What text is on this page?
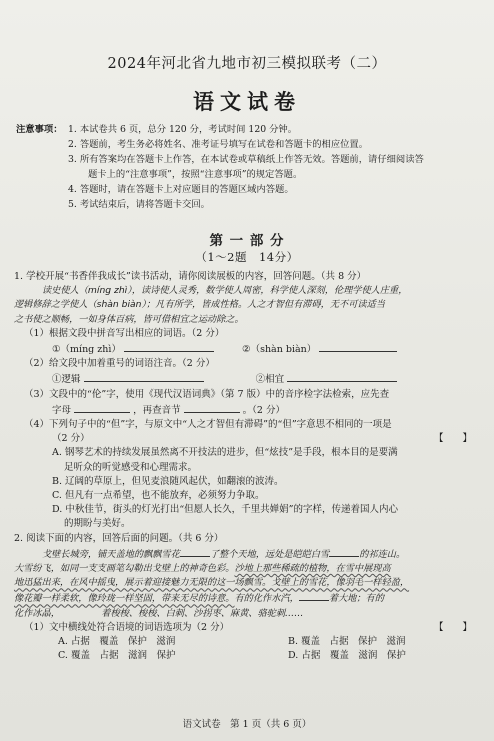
2024年河北省九地市初三模拟联考（二）
语文试卷
注意事项： 1. 本试卷共 6 页，总分 120 分，考试时间 120 分钟。
2. 答题前，考生务必将姓名、准考证号填写在试卷和答题卡的相应位置。
3. 所有答案均在答题卡上作答，在本试卷或草稿纸上作答无效。答题前，请仔细阅读答
题卡上的“注意事项”，按照“注意事项”的规定答题。
4. 答题时，请在答题卡上对应题目的答题区域内答题。
5. 考试结束后，请将答题卡交回。
第 一 部 分
（1～2题　14分）
1. 学校开展“书香伴我成长”读书活动，请你阅读展板的内容，回答问题。（共 8 分）
读史使人（míng zhì），读诗使人灵秀，数学使人周密，科学使人深刻，伦理学使人庄重，
逻辑修辞之学使人（shàn biàn）；凡有所学，皆成性格。人之才智但有滞碍，无不可读适当
之书使之顺畅，一如身体百病，皆可借相宜之运动除之。
（1）根据文段中拼音写出相应的词语。（2 分）
①（míng zhì）	②（shàn biàn）
（2）给文段中加着重号的词语注音。（2 分）
①逻辑	②相宜
（3）文段中的“伦”字，使用《现代汉语词典》（第 7 版）中的音序检字法检索，应先查
字母	，再查音节	。（2 分）
（4）下列句子中的“但”字，与原文中“人之才智但有滞碍”的“但”字意思不相同的一项是
（2 分）	【　　】
A. 钢琴艺术的持续发展虽然离不开技法的进步，但“炫技”是手段，根本目的是要满
足听众的听觉感受和心理需求。
B. 辽阔的草原上，但见麦浪随风起伏，如翻滚的波涛。
C. 但凡有一点希望，也不能放弃，必须努力争取。
D. 中秋佳节，街头的灯光打出“但愿人长久，千里共婵娟”的字样，传递着国人内心
的期盼与美好。
2. 阅读下面的内容，回答后面的问题。（共 6 分）
戈壁长城旁，铺天盖地的飘飘雪花	了整个天地，远处是皑皑白雪	的祁连山。
大雪纷飞，如同一支支画笔勾勒出戈壁上的神奇色彩。沙地上那些稀疏的植物，在雪中展现高
地迅猛出来，在风中摇曳，展示着迎接魅力无限的这一场飘雪。戈壁上的雪花，像羽毛一样轻盈，
像花瓣一样柔软，像玲珑一样坚固，带来无尽的诗意。有的化作水汽，	着大地；有的
化作冰晶，　　　　　着梭梭、梭梭、白刺、沙拐枣、麻黄、骆驼刺……
（1）文中横线处符合语境的词语选项为（2 分）	【　　】
A. 占据　覆盖　保护　滋润	B. 覆盖　占据　保护　滋润
C. 覆盖　占据　滋润　保护	D. 占据　覆盖　滋润　保护
语文试卷　第 1 页（共 6 页）
